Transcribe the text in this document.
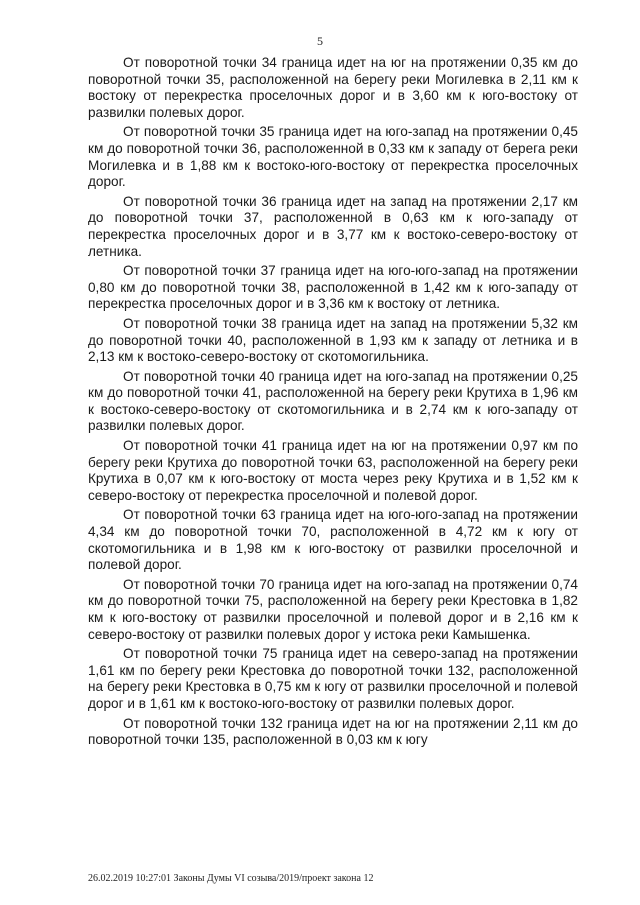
5

От поворотной точки 34 граница идет на юг на протяжении 0,35 км до поворотной точки 35, расположенной на берегу реки Могилевка в 2,11 км к востоку от перекрестка проселочных дорог и в 3,60 км к юго-востоку от развилки полевых дорог.

От поворотной точки 35 граница идет на юго-запад на протяжении 0,45 км до поворотной точки 36, расположенной в 0,33 км к западу от берега реки Могилевка и в 1,88 км к востоко-юго-востоку от перекрестка проселочных дорог.

От поворотной точки 36 граница идет на запад на протяжении 2,17 км до поворотной точки 37, расположенной в 0,63 км к юго-западу от перекрестка проселочных дорог и в 3,77 км к востоко-северо-востоку от летника.

От поворотной точки 37 граница идет на юго-юго-запад на протяжении 0,80 км до поворотной точки 38, расположенной в 1,42 км к юго-западу от перекрестка проселочных дорог и в 3,36 км к востоку от летника.

От поворотной точки 38 граница идет на запад на протяжении 5,32 км до поворотной точки 40, расположенной в 1,93 км к западу от летника и в 2,13 км к востоко-северо-востоку от скотомогильника.

От поворотной точки 40 граница идет на юго-запад на протяжении 0,25 км до поворотной точки 41, расположенной на берегу реки Крутиха в 1,96 км к востоко-северо-востоку от скотомогильника и в 2,74 км к юго-западу от развилки полевых дорог.

От поворотной точки 41 граница идет на юг на протяжении 0,97 км по берегу реки Крутиха до поворотной точки 63, расположенной на берегу реки Крутиха в 0,07 км к юго-востоку от моста через реку Крутиха и в 1,52 км к северо-востоку от перекрестка проселочной и полевой дорог.

От поворотной точки 63 граница идет на юго-юго-запад на протяжении 4,34 км до поворотной точки 70, расположенной в 4,72 км к югу от скотомогильника и в 1,98 км к юго-востоку от развилки проселочной и полевой дорог.

От поворотной точки 70 граница идет на юго-запад на протяжении 0,74 км до поворотной точки 75, расположенной на берегу реки Крестовка в 1,82 км к юго-востоку от развилки проселочной и полевой дорог и в 2,16 км к северо-востоку от развилки полевых дорог у истока реки Камышенка.

От поворотной точки 75 граница идет на северо-запад на протяжении 1,61 км по берегу реки Крестовка до поворотной точки 132, расположенной на берегу реки Крестовка в 0,75 км к югу от развилки проселочной и полевой дорог и в 1,61 км к востоко-юго-востоку от развилки полевых дорог.

От поворотной точки 132 граница идет на юг на протяжении 2,11 км до поворотной точки 135, расположенной в 0,03 км к югу

26.02.2019 10:27:01 Законы Думы VI созыва/2019/проект закона 12
